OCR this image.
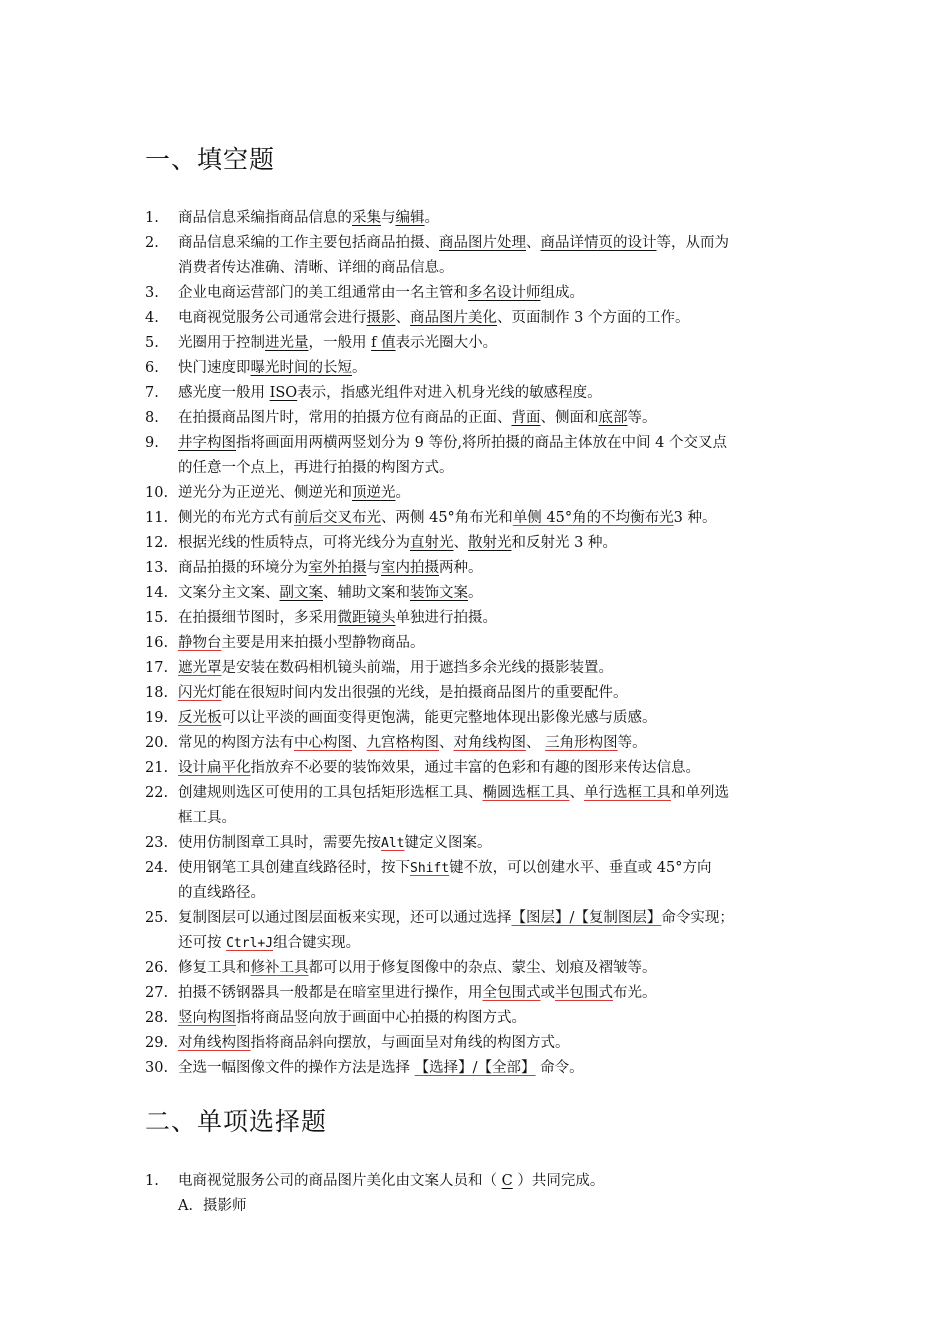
一、填空题
1.	商品信息采编指商品信息的采集与编辑。
2.	商品信息采编的工作主要包括商品拍摄、商品图片处理、商品详情页的设计等，从而为
消费者传达准确、清晰、详细的商品信息。
3.	企业电商运营部门的美工组通常由一名主管和多名设计师组成。
4.	电商视觉服务公司通常会进行摄影、商品图片美化、页面制作 3 个方面的工作。
5.	光圈用于控制进光量，一般用 f 值表示光圈大小。
6.	快门速度即曝光时间的长短。
7.	感光度一般用 ISO表示，指感光组件对进入机身光线的敏感程度。
8.	在拍摄商品图片时，常用的拍摄方位有商品的正面、背面、侧面和底部等。
9.	井字构图指将画面用两横两竖划分为 9 等份,将所拍摄的商品主体放在中间 4 个交叉点
的任意一个点上，再进行拍摄的构图方式。
10. 逆光分为正逆光、侧逆光和顶逆光。
11. 侧光的布光方式有前后交叉布光、两侧 45°角布光和单侧 45°角的不均衡布光3 种。
12. 根据光线的性质特点，可将光线分为直射光、散射光和反射光 3 种。
13. 商品拍摄的环境分为室外拍摄与室内拍摄两种。
14. 文案分主文案、副文案、辅助文案和装饰文案。
15. 在拍摄细节图时，多采用微距镜头单独进行拍摄。
16. 静物台主要是用来拍摄小型静物商品。
17. 遮光罩是安装在数码相机镜头前端，用于遮挡多余光线的摄影装置。
18. 闪光灯能在很短时间内发出很强的光线，是拍摄商品图片的重要配件。
19. 反光板可以让平淡的画面变得更饱满，能更完整地体现出影像光感与质感。
20. 常见的构图方法有中心构图、九宫格构图、对角线构图、 三角形构图等。
21. 设计扁平化指放弃不必要的装饰效果，通过丰富的色彩和有趣的图形来传达信息。
22. 创建规则选区可使用的工具包括矩形选框工具、椭圆选框工具、单行选框工具和单列选
框工具。
23. 使用仿制图章工具时，需要先按Alt键定义图案。
24. 使用钢笔工具创建直线路径时，按下Shift键不放，可以创建水平、垂直或 45°方向
的直线路径。
25. 复制图层可以通过图层面板来实现，还可以通过选择【图层】/【复制图层】命令实现；
还可按 Ctrl+J组合键实现。
26. 修复工具和修补工具都可以用于修复图像中的杂点、蒙尘、划痕及褶皱等。
27. 拍摄不锈钢器具一般都是在暗室里进行操作，用全包围式或半包围式布光。
28. 竖向构图指将商品竖向放于画面中心拍摄的构图方式。
29. 对角线构图指将商品斜向摆放，与画面呈对角线的构图方式。
30. 全选一幅图像文件的操作方法是选择 【选择】/【全部】 命令。
二、单项选择题
1.	电商视觉服务公司的商品图片美化由文案人员和（ C ）共同完成。
A．摄影师
